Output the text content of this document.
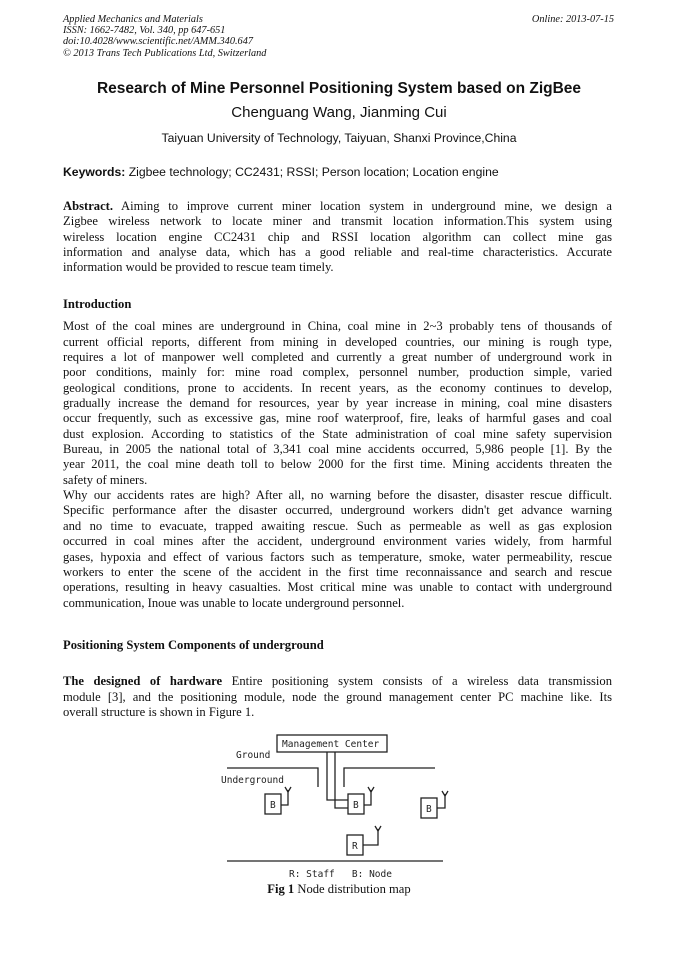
Applied Mechanics and Materials
ISSN: 1662-7482, Vol. 340, pp 647-651
doi:10.4028/www.scientific.net/AMM.340.647
© 2013 Trans Tech Publications Ltd, Switzerland
Online: 2013-07-15
Research of Mine Personnel Positioning System based on ZigBee
Chenguang Wang, Jianming Cui
Taiyuan University of Technology, Taiyuan, Shanxi Province,China
Keywords: Zigbee technology; CC2431; RSSI; Person location; Location engine
Abstract. Aiming to improve current miner location system in underground mine, we design a
Zigbee wireless network to locate miner and transmit location information.This system using
wireless location engine CC2431 chip and RSSI location algorithm can collect mine gas
information and analyse data, which has a good reliable and real-time characteristics. Accurate
information would be provided to rescue team timely.
Introduction
Most of the coal mines are underground in China, coal mine in 2~3 probably tens of thousands of
current official reports, different from mining in developed countries, our mining is rough type,
requires a lot of manpower well completed and currently a great number of underground work in
poor conditions, mainly for: mine road complex, personnel number, production simple, varied
geological conditions, prone to accidents. In recent years, as the economy continues to develop,
gradually increase the demand for resources, year by year increase in mining, coal mine disasters
occur frequently, such as excessive gas, mine roof waterproof, fire, leaks of harmful gases and coal
dust explosion. According to statistics of the State administration of coal mine safety supervision
Bureau, in 2005 the national total of 3,341 coal mine accidents occurred, 5,986 people [1]. By the
year 2011, the coal mine death toll to below 2000 for the first time. Mining accidents threaten the
safety of miners.
Why our accidents rates are high? After all, no warning before the disaster, disaster rescue difficult.
Specific performance after the disaster occurred, underground workers didn't get advance warning
and no time to evacuate, trapped awaiting rescue. Such as permeable as well as gas explosion
occurred in coal mines after the accident, underground environment varies widely, from harmful
gases, hypoxia and effect of various factors such as temperature, smoke, water permeability, rescue
workers to enter the scene of the accident in the first time reconnaissance and search and rescue
operations, resulting in heavy casualties. Most critical mine was unable to contact with underground
communication, Inoue was unable to locate underground personnel.
Positioning System Components of underground
The designed of hardware Entire positioning system consists of a wireless data transmission
module [3], and the positioning module, node the ground management center PC machine like. Its
overall structure is shown in Figure 1.
Management Center
Ground
Underground
B	B	B
R
R: Staff   B: Node
Fig 1 Node distribution map
